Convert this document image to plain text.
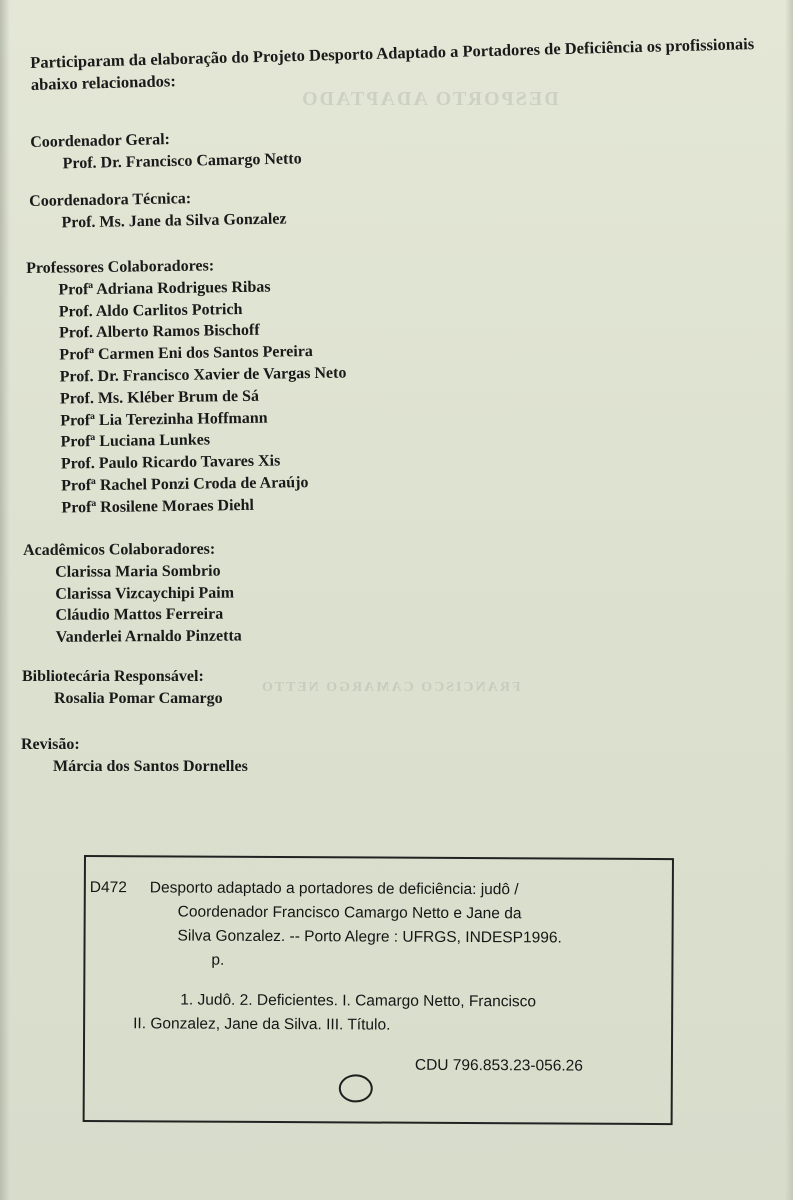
DESPORTO ADAPTADO
FRANCISCO CAMARGO NETTO
Participaram da elaboração do Projeto Desporto Adaptado a Portadores de Deficiência os profissionais abaixo relacionados:
Coordenador Geral:
Prof. Dr. Francisco Camargo Netto
Coordenadora Técnica:
Prof. Ms. Jane da Silva Gonzalez
Professores Colaboradores:
Profª Adriana Rodrigues Ribas
Prof. Aldo Carlitos Potrich
Prof. Alberto Ramos Bischoff
Profª Carmen Eni dos Santos Pereira
Prof. Dr. Francisco Xavier de Vargas Neto
Prof. Ms. Kléber Brum de Sá
Profª Lia Terezinha Hoffmann
Profª Luciana Lunkes
Prof. Paulo Ricardo Tavares Xis
Profª Rachel Ponzi Croda de Araújo
Profª Rosilene Moraes Diehl
Acadêmicos Colaboradores:
Clarissa Maria Sombrio
Clarissa Vizcaychipi Paim
Cláudio Mattos Ferreira
Vanderlei Arnaldo Pinzetta
Bibliotecária Responsável:
Rosalia Pomar Camargo
Revisão:
Márcia dos Santos Dornelles
D472 Desporto adaptado a portadores de deficiência: judô /
Coordenador Francisco Camargo Netto e Jane da
Silva Gonzalez. -- Porto Alegre : UFRGS, INDESP1996.
p.
1. Judô. 2. Deficientes. I. Camargo Netto, Francisco
II. Gonzalez, Jane da Silva. III. Título.
CDU 796.853.23-056.26
